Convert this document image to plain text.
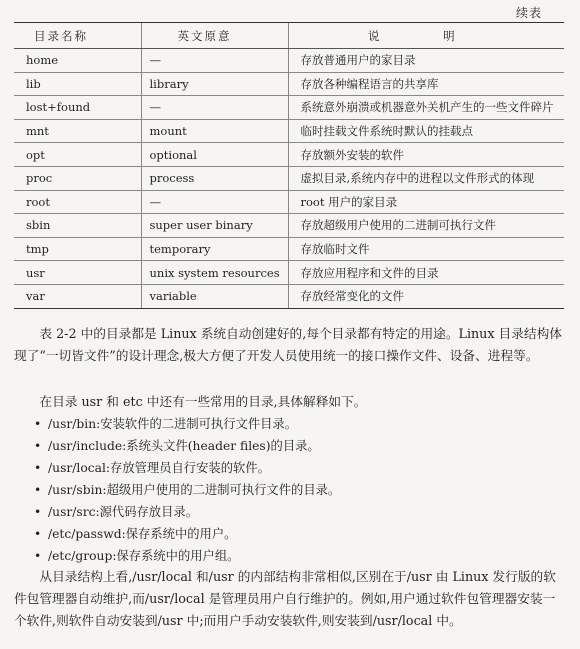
续表
目录名称	英文原意	说 明
home	—	存放普通用户的家目录
lib	library	存放各种编程语言的共享库
lost+found	—	系统意外崩溃或机器意外关机产生的一些文件碎片
mnt	mount	临时挂载文件系统时默认的挂载点
opt	optional	存放额外安装的软件
proc	process	虚拟目录,系统内存中的进程以文件形式的体现
root	—	root 用户的家目录
sbin	super user binary	存放超级用户使用的二进制可执行文件
tmp	temporary	存放临时文件
usr	unix system resources	存放应用程序和文件的目录
var	variable	存放经常变化的文件

表 2-2 中的目录都是 Linux 系统自动创建好的,每个目录都有特定的用途。Linux 目录结构体现了“一切皆文件”的设计理念,极大方便了开发人员使用统一的接口操作文件、设备、进程等。

在目录 usr 和 etc 中还有一些常用的目录,具体解释如下。

• /usr/bin:安装软件的二进制可执行文件目录。
• /usr/include:系统头文件(header files)的目录。
• /usr/local:存放管理员自行安装的软件。
• /usr/sbin:超级用户使用的二进制可执行文件的目录。
• /usr/src:源代码存放目录。
• /etc/passwd:保存系统中的用户。
• /etc/group:保存系统中的用户组。

从目录结构上看,/usr/local 和/usr 的内部结构非常相似,区别在于/usr 由 Linux 发行版的软件包管理器自动维护,而/usr/local 是管理员用户自行维护的。例如,用户通过软件包管理器安装一个软件,则软件自动安装到/usr 中;而用户手动安装软件,则安装到/usr/local 中。
